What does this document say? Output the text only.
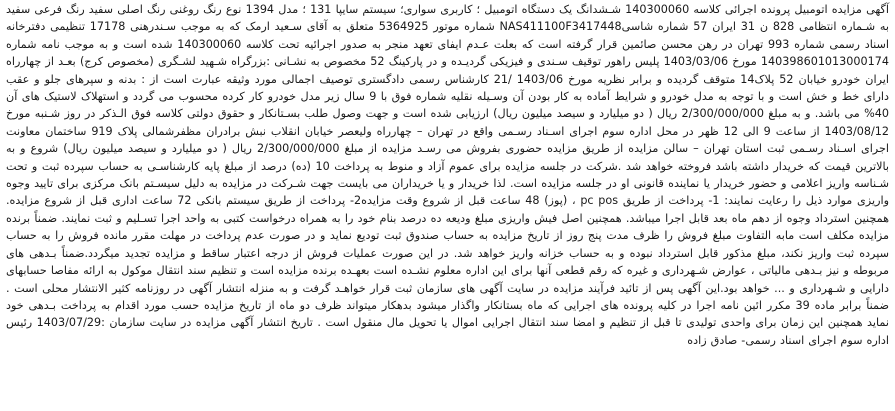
آگهی مزایده اتومبیل پرونده اجرائی کلاسه 140300060 شـشدانگ یک دستگاه اتومبیل ؛ کاربری سواری؛ سیستم سایپا 131 ؛ مدل 1394 نوع رنگ روغنی رنگ اصلی سفید رنگ فرعی سفید به شـماره انتظامی 828 ن 31 ایران 57 شماره شاسیNAS411100F3417448 شماره موتور 5364925 متعلق به آقای سـعید ارمک که به موجب سـندرهنی 17178 تنظیمی دفترخانه اسناد رسمی شماره 993 تهران در رهن محسن صائمین قرار گرفته است که بعلت عـدم ایفای تعهد منجر به صدور اجرائیه تحت کلاسه 140300060 شده است و به موجب نامه شماره 140398601013000174 مورخ 1403/03/06 پلیس راهور توقیف سـندی و فیزیکی گردیـده و در پارکینگ 52 مخصوص به نشـانی :بزرگراه شـهید لشـگری (مخصوص کرج) بعـد از چهارراه ایران خودرو خیابان 52 پلاک14 متوقف گردیده و برابر نظریه مورخ 1403/06 /21 کارشناس رسمی دادگستری توصیف اجمالی مورد وثیقه عبارت است از : بدنه و سپرهای جلو و عقب دارای خط و خش است و با توجه به مدل خودرو و شرایط آماده به کار بودن آن وسـیله نقلیه شماره فوق با 9 سال زیر مدل خودرو کار کرده محسوب می گردد و استهلاک لاستیک های آن 40% می باشد. و به مبلغ 2/300/000/000 ریال ( دو میلیارد و سیصد میلیون ریال) ارزیابی شده است و جهت وصول طلب بسـتانکار و حقوق دولتی کلاسه فوق الـذکر در روز شـنبه مورخ 1403/08/12 از ساعت 9 الی 12 ظهر در محل اداره سوم اجرای اسـناد رسـمی واقع در تهران – چهارراه ولیعصر خیابان انقلاب نبش برادران مظفرشمالی پلاک 919 ساختمان معاونت اجرای اسـناد رسـمی ثبت استان تهران – سالن مزایده از طریق مزایده حضوری بفروش می رسـد مزایده از مبلغ 2/300/000/000 ریال ( دو میلیارد و سیصد میلیون ریال) شروع و به بالاترین قیمت که خریدار داشته باشد فروخته خواهد شد .شرکت در جلسه مزایده برای عموم آزاد و منوط به پرداخت 10 (ده) درصد از مبلغ پایه کارشناسـی به حساب سپرده ثبت و تحت شـناسه واریز اعلامی و حضور خریدار یا نماینده قانونی او در جلسه مزایده است. لذا خریدار و یا خریداران می بایست جهت شـرکت در مزایده به دلیل سیسـتم بانک مرکزی برای تایید وجوه واریزی موارد ذیل را رعایت نمایند: 1- پرداخت از طریق pc pos ، (پوز) 48 ساعت قبل از شروع وقت مزایده2- پرداخت از طریق سیستم بانکی 72 ساعت اداری قبل از شروع مزایده. همچنین استرداد وجوه از دهم ماه بعد قابل اجرا میباشد. همچنین اصل فیش واریزی مبلغ ودیعه ده درصد بنام خود را به همراه درخواست کتبی به واحد اجرا تسـلیم و ثبت نمایند. ضمناً برنده مزایده مکلف است مابه التفاوت مبلغ فروش را ظرف مدت پنج روز از تاریخ مزایده به حساب صندوق ثبت تودیع نماید و در صورت عدم پرداخت در مهلت مقرر مانده فروش را به حساب سپرده ثبت واریز نکند، مبلغ مذکور قابل استرداد نبوده و به حساب خزانه واریز خواهد شد. در این صورت عملیات فروش از درجه اعتبار ساقط و مزایده تجدید میگردد.ضمناً بـدهی های مربوطه و نیز بـدهی مالیاتی ، عوارض شـهرداری و غیره که رقم قطعی آنها برای این اداره معلوم نشـده است بعهـده برنده مزایده است و تنظیم سند انتقال موکول به ارائه مفاصا حسابهای دارایی و شـهرداری و ... خواهد بود.این آگهی پس از تائید فرآیند مزایده در سایت آگهی های سازمان ثبت قرار خواهـد گرفت و به منزله انتشار آگهی در روزنامه کثیر الانتشار محلی است . ضمناً برابر ماده 39 مکرر ائین نامه اجرا در کلیه پرونده های اجرایی که ماه بستانکار واگذار میشود بدهکار میتواند ظرف دو ماه از تاریخ مزایده حسب مورد اقدام به پرداخت بـدهی خود نماید همچنین این زمان برای واحدی تولیدی تا قبل از تنظیم و امضا سند انتقال اجرایی اموال یا تحویل مال منقول است . تاریخ انتشار آگهی مزایده در سایت سازمان :1403/07/29 رئیس اداره سوم اجرای اسناد رسمی- صادق زاده
